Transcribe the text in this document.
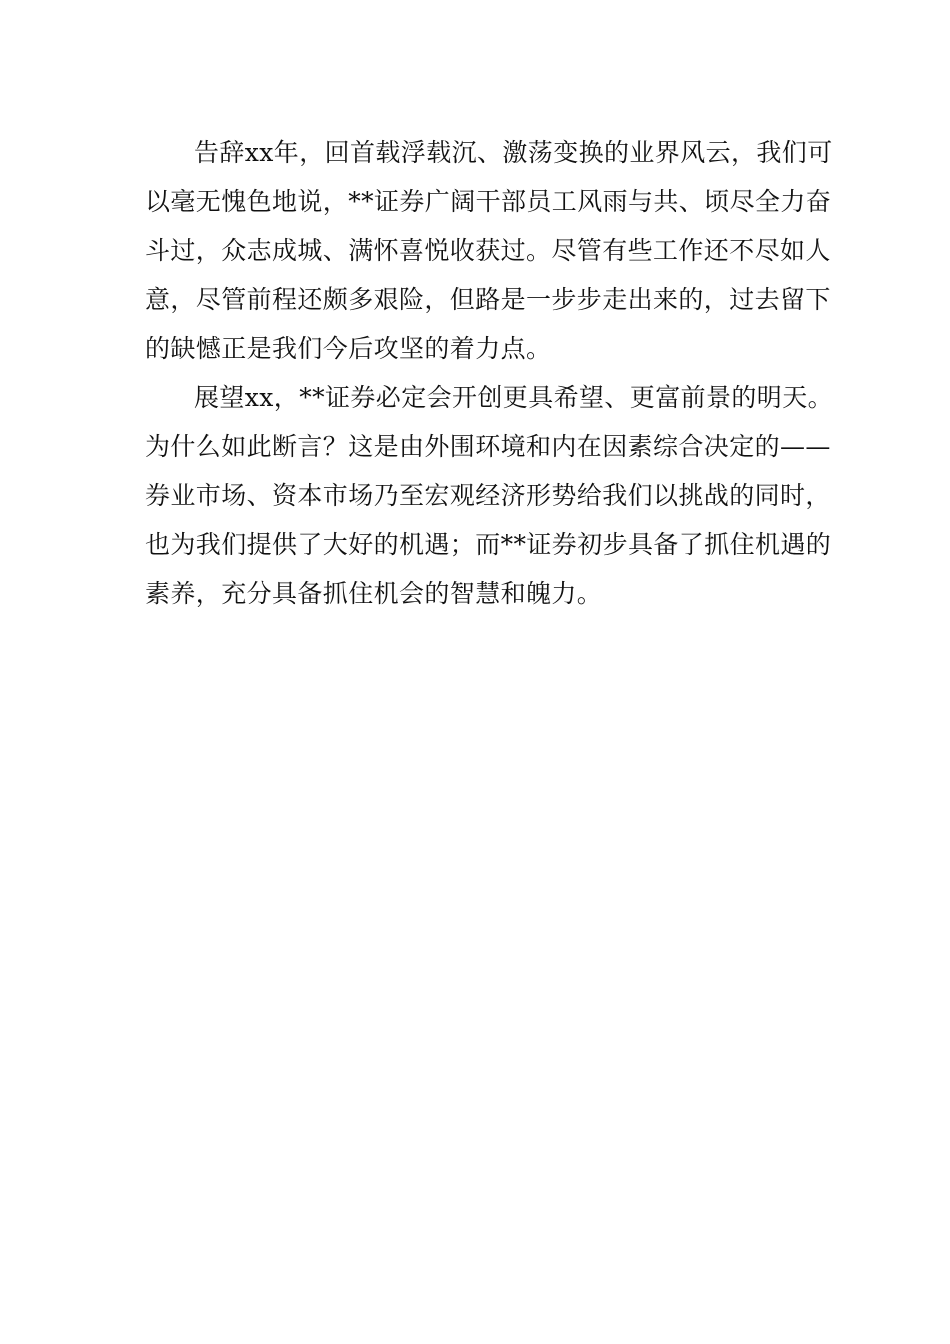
告辞xx年，回首载浮载沉、激荡变换的业界风云，我们可
以毫无愧色地说，**证券广阔干部员工风雨与共、顷尽全力奋
斗过，众志成城、满怀喜悦收获过。尽管有些工作还不尽如人
意，尽管前程还颇多艰险，但路是一步步走出来的，过去留下
的缺憾正是我们今后攻坚的着力点。

展望xx，**证券必定会开创更具希望、更富前景的明天。
为什么如此断言？这是由外围环境和内在因素综合决定的——
券业市场、资本市场乃至宏观经济形势给我们以挑战的同时，
也为我们提供了大好的机遇；而**证券初步具备了抓住机遇的
素养，充分具备抓住机会的智慧和魄力。
